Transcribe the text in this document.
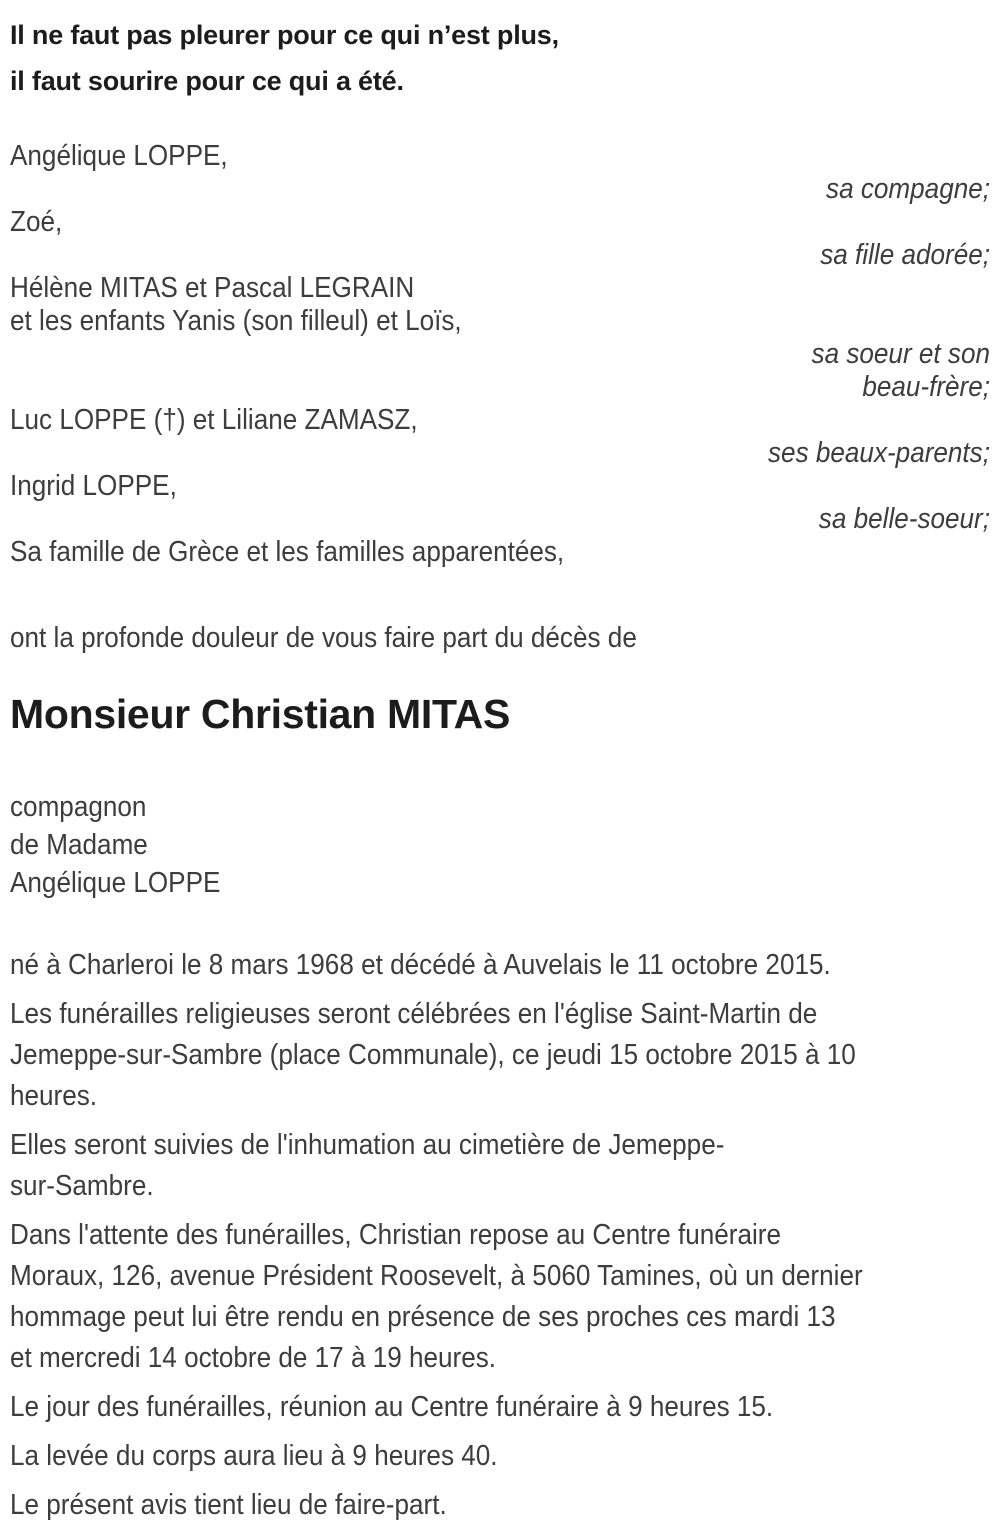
Il ne faut pas pleurer pour ce qui n’est plus,
il faut sourire pour ce qui a été.
Angélique LOPPE,
sa compagne;
Zoé,
sa fille adorée;
Hélène MITAS et Pascal LEGRAIN
et les enfants Yanis (son filleul) et Loïs,
sa soeur et son
beau-frère;
Luc LOPPE (†) et Liliane ZAMASZ,
ses beaux-parents;
Ingrid LOPPE,
sa belle-soeur;
Sa famille de Grèce et les familles apparentées,
ont la profonde douleur de vous faire part du décès de
Monsieur Christian MITAS
compagnon
de Madame
Angélique LOPPE
né à Charleroi le 8 mars 1968 et décédé à Auvelais le 11 octobre 2015.
Les funérailles religieuses seront célébrées en l'église Saint-Martin de
Jemeppe-sur-Sambre (place Communale), ce jeudi 15 octobre 2015 à 10
heures.
Elles seront suivies de l'inhumation au cimetière de Jemeppe-
sur-Sambre.
Dans l'attente des funérailles, Christian repose au Centre funéraire
Moraux, 126, avenue Président Roosevelt, à 5060 Tamines, où un dernier
hommage peut lui être rendu en présence de ses proches ces mardi 13
et mercredi 14 octobre de 17 à 19 heures.
Le jour des funérailles, réunion au Centre funéraire à 9 heures 15.
La levée du corps aura lieu à 9 heures 40.
Le présent avis tient lieu de faire-part.
